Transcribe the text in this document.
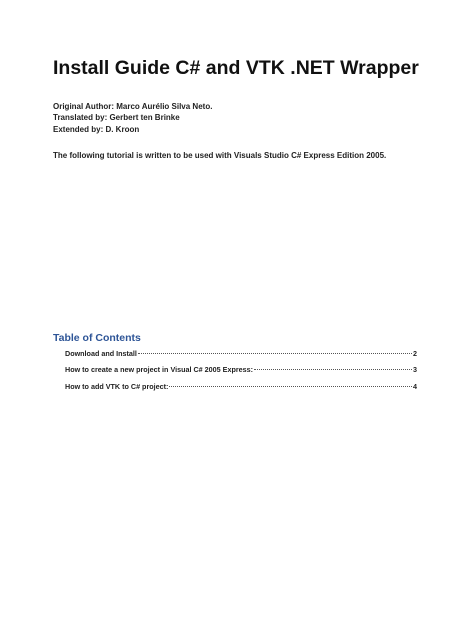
Install Guide C# and VTK .NET Wrapper
Original Author: Marco Aurélio Silva Neto.
Translated by: Gerbert ten Brinke
Extended by: D. Kroon
The following tutorial is written to be used with Visuals Studio C# Express Edition 2005.
Table of Contents
Download and Install	2
How to create a new project in Visual C# 2005 Express:	3
How to add VTK to C# project:	4
